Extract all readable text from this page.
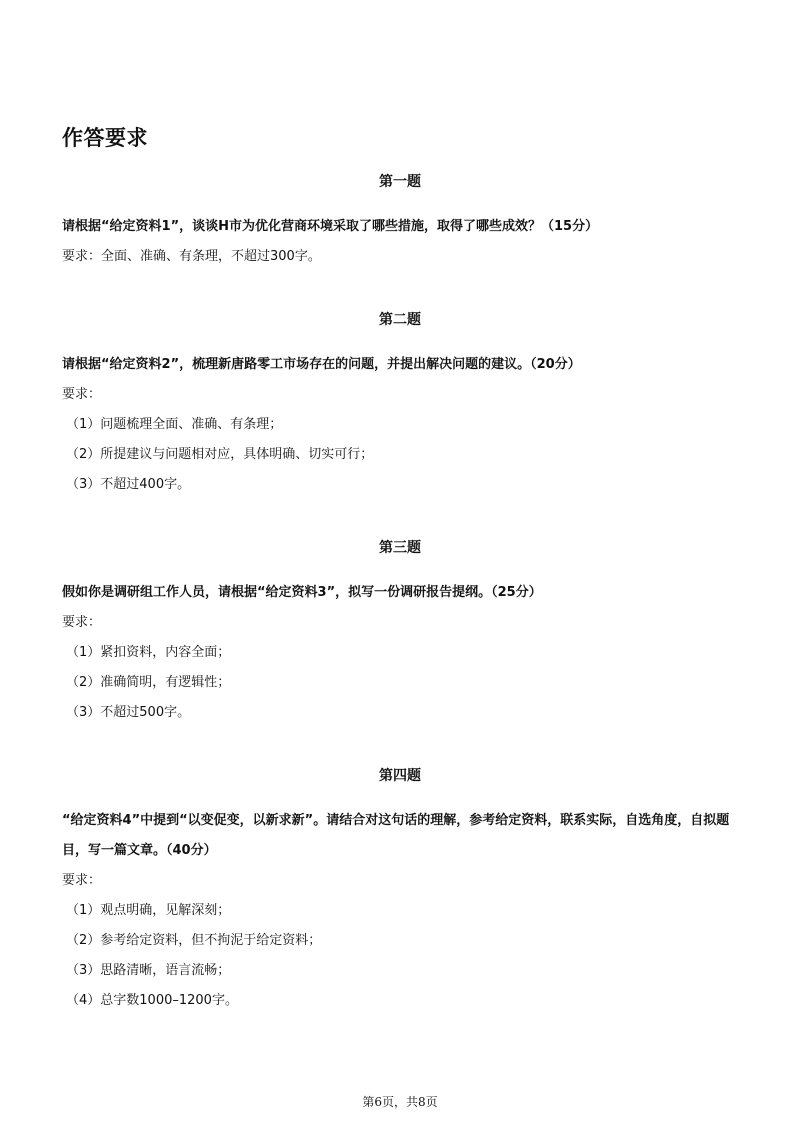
作答要求
第一题

请根据“给定资料1”，谈谈H市为优化营商环境采取了哪些措施，取得了哪些成效？（15分）

要求：全面、准确、有条理，不超过300字。

第二题

请根据“给定资料2”，梳理新唐路零工市场存在的问题，并提出解决问题的建议。（20分）

要求：

（1）问题梳理全面、准确、有条理；
（2）所提建议与问题相对应，具体明确、切实可行；
（3）不超过400字。
第三题

假如你是调研组工作人员，请根据“给定资料3”，拟写一份调研报告提纲。（25分）

要求：

（1）紧扣资料，内容全面；
（2）准确简明，有逻辑性；
（3）不超过500字。
第四题

“给定资料4”中提到“以变促变，以新求新”。请结合对这句话的理解，参考给定资料，联系实际，自选角度，自拟题目，写一篇文章。（40分）

要求：

（1）观点明确，见解深刻；
（2）参考给定资料，但不拘泥于给定资料；
（3）思路清晰，语言流畅；
（4）总字数1000–1200字。
第6页，共8页
